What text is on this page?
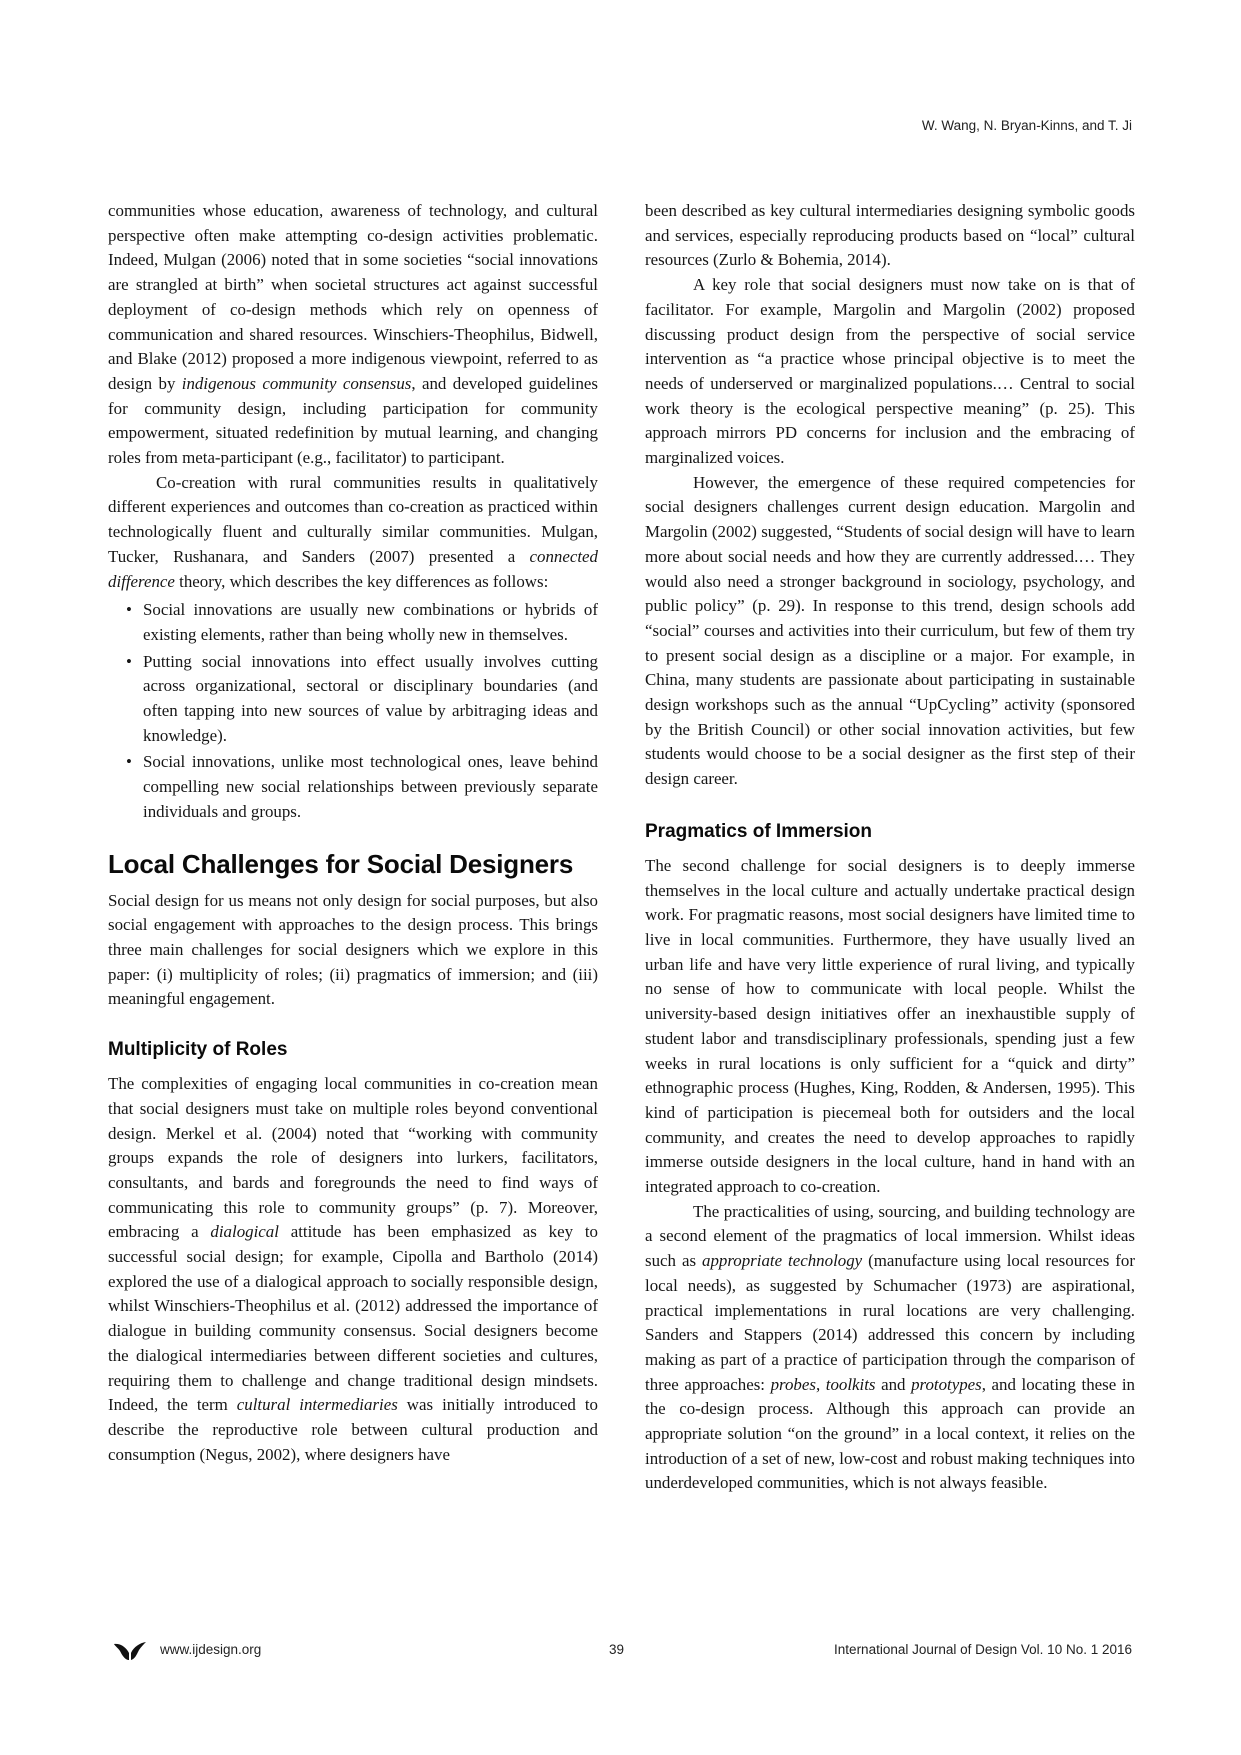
W. Wang, N. Bryan-Kinns, and T. Ji

communities whose education, awareness of technology, and cultural perspective often make attempting co-design activities problematic. Indeed, Mulgan (2006) noted that in some societies “social innovations are strangled at birth” when societal structures act against successful deployment of co-design methods which rely on openness of communication and shared resources. Winschiers-Theophilus, Bidwell, and Blake (2012) proposed a more indigenous viewpoint, referred to as design by indigenous community consensus, and developed guidelines for community design, including participation for community empowerment, situated redefinition by mutual learning, and changing roles from meta-participant (e.g., facilitator) to participant.

Co-creation with rural communities results in qualitatively different experiences and outcomes than co-creation as practiced within technologically fluent and culturally similar communities. Mulgan, Tucker, Rushanara, and Sanders (2007) presented a connected difference theory, which describes the key differences as follows:

• Social innovations are usually new combinations or hybrids of existing elements, rather than being wholly new in themselves.
• Putting social innovations into effect usually involves cutting across organizational, sectoral or disciplinary boundaries (and often tapping into new sources of value by arbitraging ideas and knowledge).
• Social innovations, unlike most technological ones, leave behind compelling new social relationships between previously separate individuals and groups.
Local Challenges for Social Designers

Social design for us means not only design for social purposes, but also social engagement with approaches to the design process. This brings three main challenges for social designers which we explore in this paper: (i) multiplicity of roles; (ii) pragmatics of immersion; and (iii) meaningful engagement.

Multiplicity of Roles

The complexities of engaging local communities in co-creation mean that social designers must take on multiple roles beyond conventional design. Merkel et al. (2004) noted that “working with community groups expands the role of designers into lurkers, facilitators, consultants, and bards and foregrounds the need to find ways of communicating this role to community groups” (p. 7). Moreover, embracing a dialogical attitude has been emphasized as key to successful social design; for example, Cipolla and Bartholo (2014) explored the use of a dialogical approach to socially responsible design, whilst Winschiers-Theophilus et al. (2012) addressed the importance of dialogue in building community consensus. Social designers become the dialogical intermediaries between different societies and cultures, requiring them to challenge and change traditional design mindsets. Indeed, the term cultural intermediaries was initially introduced to describe the reproductive role between cultural production and consumption (Negus, 2002), where designers have

been described as key cultural intermediaries designing symbolic goods and services, especially reproducing products based on “local” cultural resources (Zurlo & Bohemia, 2014).

A key role that social designers must now take on is that of facilitator. For example, Margolin and Margolin (2002) proposed discussing product design from the perspective of social service intervention as “a practice whose principal objective is to meet the needs of underserved or marginalized populations.… Central to social work theory is the ecological perspective meaning” (p. 25). This approach mirrors PD concerns for inclusion and the embracing of marginalized voices.

However, the emergence of these required competencies for social designers challenges current design education. Margolin and Margolin (2002) suggested, “Students of social design will have to learn more about social needs and how they are currently addressed.… They would also need a stronger background in sociology, psychology, and public policy” (p. 29). In response to this trend, design schools add “social” courses and activities into their curriculum, but few of them try to present social design as a discipline or a major. For example, in China, many students are passionate about participating in sustainable design workshops such as the annual “UpCycling” activity (sponsored by the British Council) or other social innovation activities, but few students would choose to be a social designer as the first step of their design career.

Pragmatics of Immersion

The second challenge for social designers is to deeply immerse themselves in the local culture and actually undertake practical design work. For pragmatic reasons, most social designers have limited time to live in local communities. Furthermore, they have usually lived an urban life and have very little experience of rural living, and typically no sense of how to communicate with local people. Whilst the university-based design initiatives offer an inexhaustible supply of student labor and transdisciplinary professionals, spending just a few weeks in rural locations is only sufficient for a “quick and dirty” ethnographic process (Hughes, King, Rodden, & Andersen, 1995). This kind of participation is piecemeal both for outsiders and the local community, and creates the need to develop approaches to rapidly immerse outside designers in the local culture, hand in hand with an integrated approach to co-creation.

The practicalities of using, sourcing, and building technology are a second element of the pragmatics of local immersion. Whilst ideas such as appropriate technology (manufacture using local resources for local needs), as suggested by Schumacher (1973) are aspirational, practical implementations in rural locations are very challenging. Sanders and Stappers (2014) addressed this concern by including making as part of a practice of participation through the comparison of three approaches: probes, toolkits and prototypes, and locating these in the co-design process. Although this approach can provide an appropriate solution “on the ground” in a local context, it relies on the introduction of a set of new, low-cost and robust making techniques into underdeveloped communities, which is not always feasible.

www.ijdesign.org	39	International Journal of Design Vol. 10 No. 1 2016
